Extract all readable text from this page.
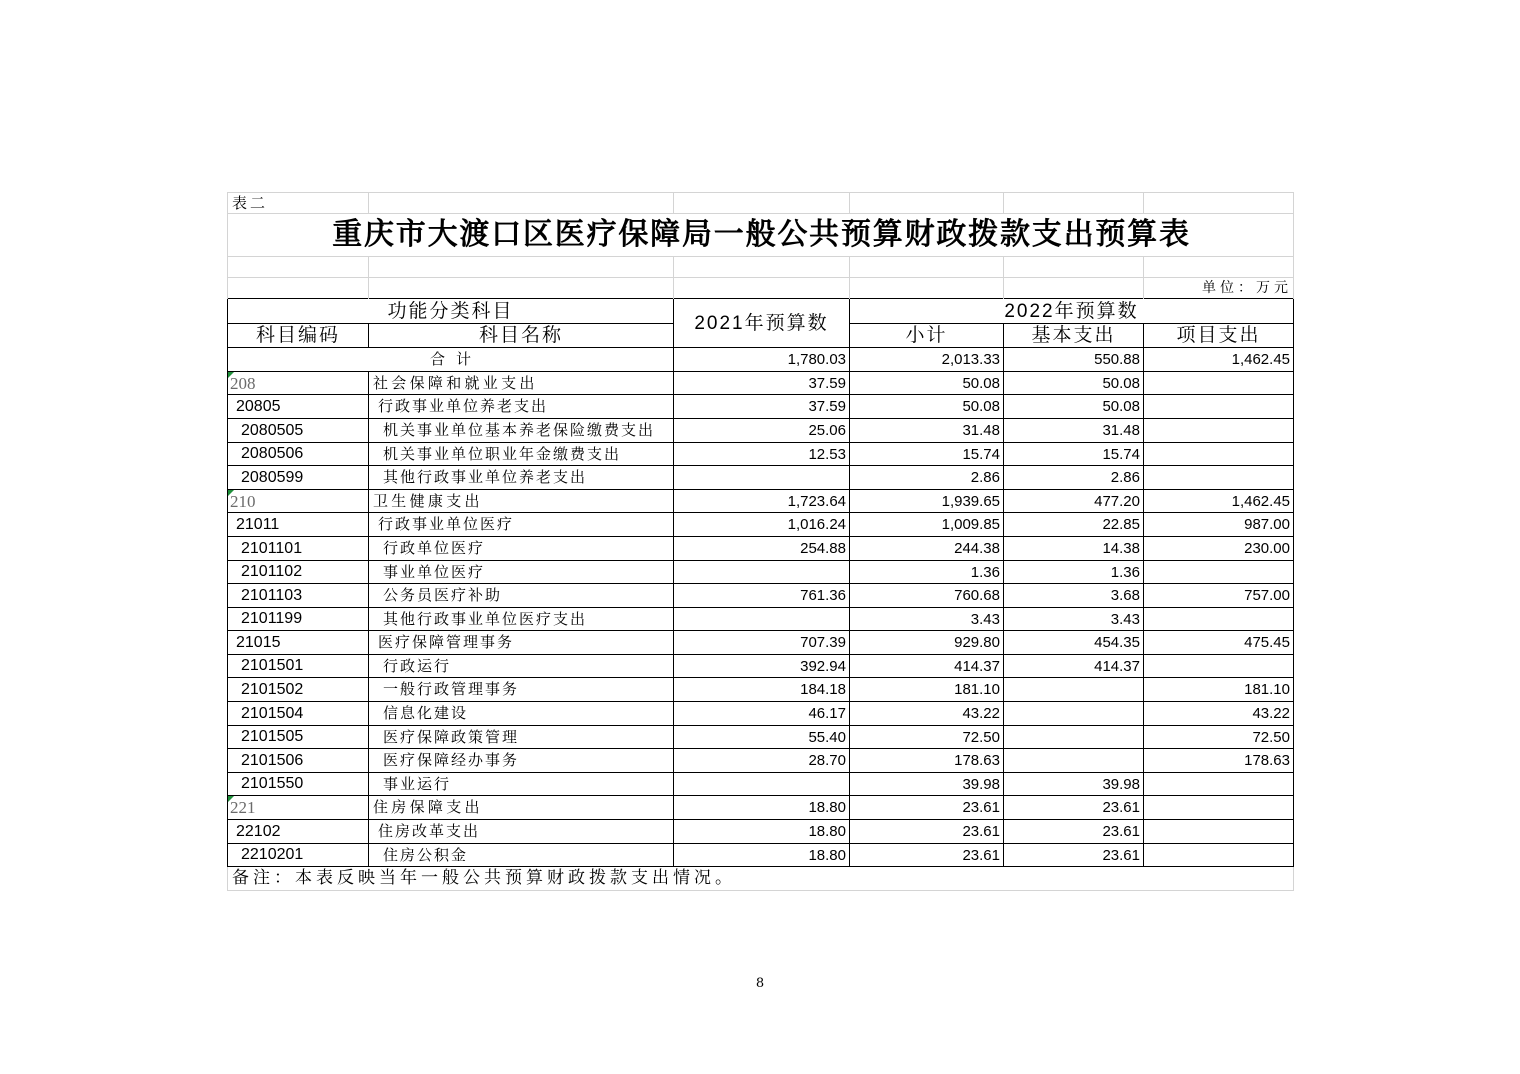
表二					
重庆市大渡口区医疗保障局一般公共预算财政拨款支出预算表					

					单位：万元
功能分类科目		2021年预算数	2022年预算数		
科目编码	科目名称		小计	基本支出	项目支出
合计		1,780.03	2,013.33	550.88	1,462.45

208	社会保障和就业支出	37.59	50.08	50.08	
20805	行政事业单位养老支出	37.59	50.08	50.08	
2080505	机关事业单位基本养老保险缴费支出	25.06	31.48	31.48	
2080506	机关事业单位职业年金缴费支出	12.53	15.74	15.74	
2080599	其他行政事业单位养老支出		2.86	2.86	

210	卫生健康支出	1,723.64	1,939.65	477.20	1,462.45
21011	行政事业单位医疗	1,016.24	1,009.85	22.85	987.00
2101101	行政单位医疗	254.88	244.38	14.38	230.00
2101102	事业单位医疗		1.36	1.36	
2101103	公务员医疗补助	761.36	760.68	3.68	757.00
2101199	其他行政事业单位医疗支出		3.43	3.43	
21015	医疗保障管理事务	707.39	929.80	454.35	475.45
2101501	行政运行	392.94	414.37	414.37	
2101502	一般行政管理事务	184.18	181.10		181.10
2101504	信息化建设	46.17	43.22		43.22
2101505	医疗保障政策管理	55.40	72.50		72.50
2101506	医疗保障经办事务	28.70	178.63		178.63
2101550	事业运行		39.98	39.98	

221	住房保障支出	18.80	23.61	23.61	
22102	住房改革支出	18.80	23.61	23.61	
2210201	住房公积金	18.80	23.61	23.61	
备注：本表反映当年一般公共预算财政拨款支出情况。					
8
